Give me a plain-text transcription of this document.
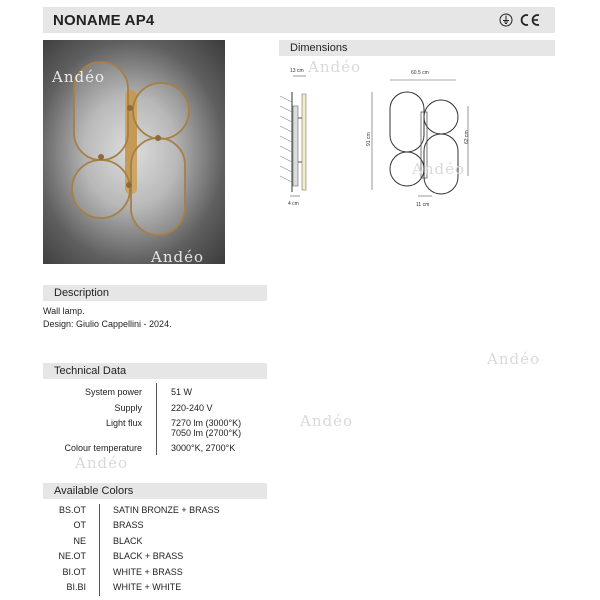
NONAME AP4
Andéo
Andéo
Dimensions
13 cm
4 cm
60.5 cm
91 cm	62 cm
11 cm
Andéo
Andéo
Andéo
Andéo
Andéo
Description
Wall lamp.
Design: Giulio Cappellini - 2024.
Technical Data
System power	51 W
Supply	220-240 V
Light flux	7270 lm (3000°K)
7050 lm (2700°K)
Colour temperature	3000°K, 2700°K
Available Colors
BS.OT	SATIN BRONZE + BRASS
OT	BRASS
NE	BLACK
NE.OT	BLACK + BRASS
BI.OT	WHITE + BRASS
BI.BI	WHITE + WHITE
